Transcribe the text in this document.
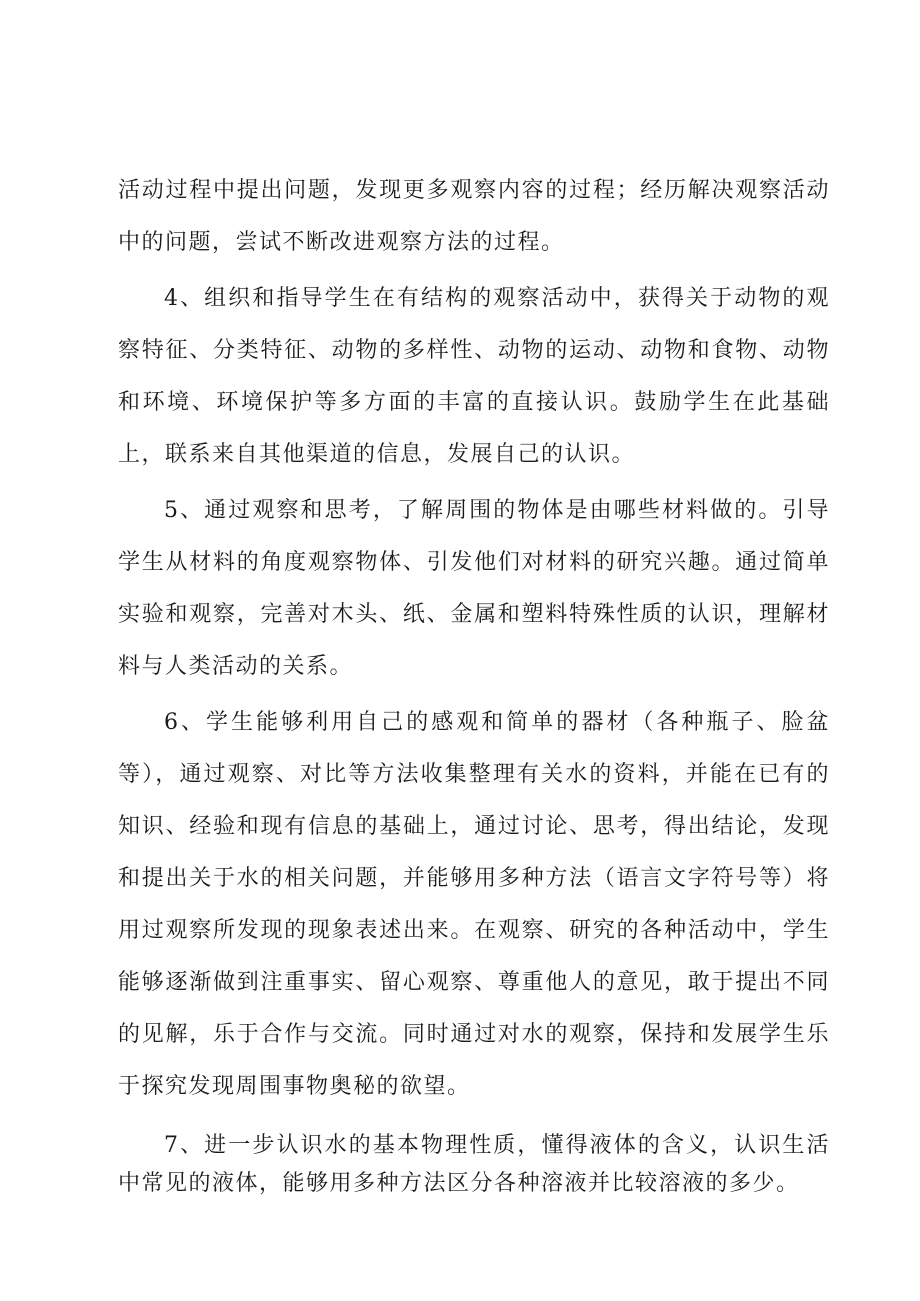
活动过程中提出问题，发现更多观察内容的过程；经历解决观察活动中的问题，尝试不断改进观察方法的过程。

4、组织和指导学生在有结构的观察活动中，获得关于动物的观察特征、分类特征、动物的多样性、动物的运动、动物和食物、动物和环境、环境保护等多方面的丰富的直接认识。鼓励学生在此基础上，联系来自其他渠道的信息，发展自己的认识。

5、通过观察和思考，了解周围的物体是由哪些材料做的。引导学生从材料的角度观察物体、引发他们对材料的研究兴趣。通过简单实验和观察，完善对木头、纸、金属和塑料特殊性质的认识，理解材料与人类活动的关系。

6、学生能够利用自己的感观和简单的器材（各种瓶子、脸盆等），通过观察、对比等方法收集整理有关水的资料，并能在已有的知识、经验和现有信息的基础上，通过讨论、思考，得出结论，发现和提出关于水的相关问题，并能够用多种方法（语言文字符号等）将用过观察所发现的现象表述出来。在观察、研究的各种活动中，学生能够逐渐做到注重事实、留心观察、尊重他人的意见，敢于提出不同的见解，乐于合作与交流。同时通过对水的观察，保持和发展学生乐于探究发现周围事物奥秘的欲望。

7、进一步认识水的基本物理性质，懂得液体的含义，认识生活中常见的液体，能够用多种方法区分各种溶液并比较溶液的多少。
